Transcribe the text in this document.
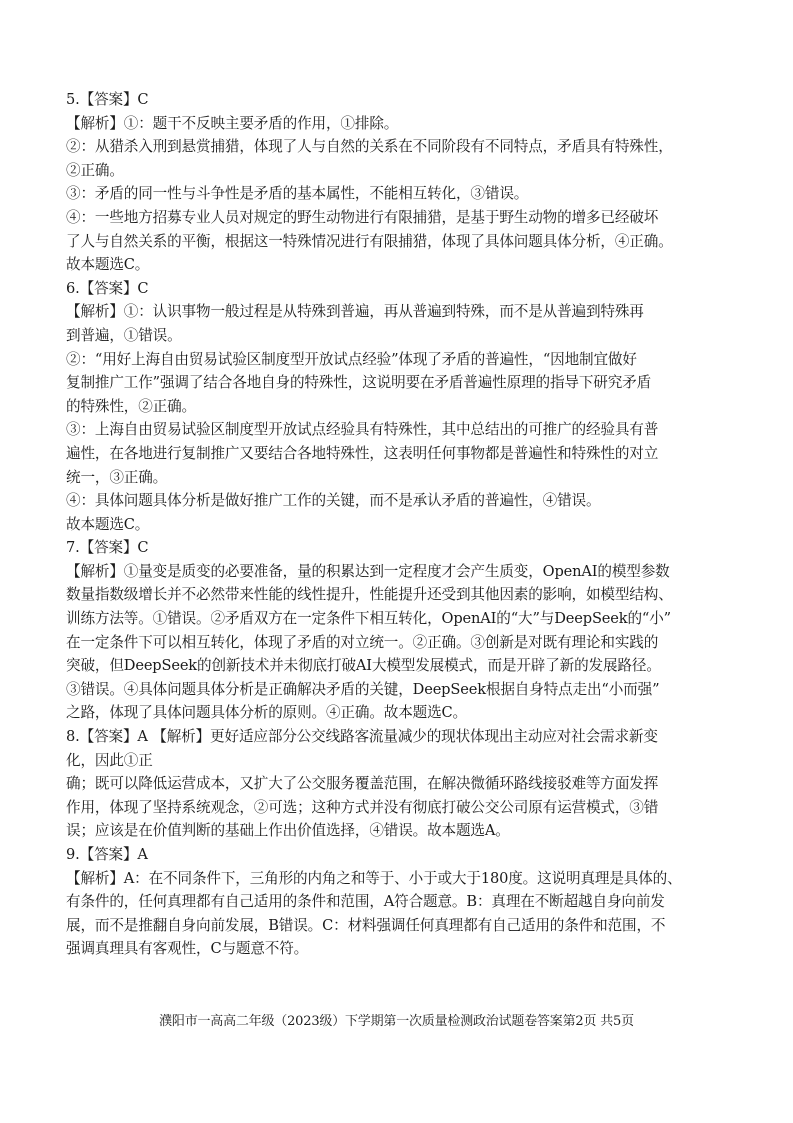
5.【答案】C
【解析】①：题干不反映主要矛盾的作用，①排除。
②：从猎杀入刑到悬赏捕猎，体现了人与自然的关系在不同阶段有不同特点，矛盾具有特殊性，
②正确。
③：矛盾的同一性与斗争性是矛盾的基本属性，不能相互转化，③错误。
④：一些地方招募专业人员对规定的野生动物进行有限捕猎，是基于野生动物的增多已经破坏
了人与自然关系的平衡，根据这一特殊情况进行有限捕猎，体现了具体问题具体分析，④正确。
故本题选C。
6.【答案】C
【解析】①：认识事物一般过程是从特殊到普遍，再从普遍到特殊，而不是从普遍到特殊再
到普遍，①错误。
②：“用好上海自由贸易试验区制度型开放试点经验”体现了矛盾的普遍性，“因地制宜做好
复制推广工作”强调了结合各地自身的特殊性，这说明要在矛盾普遍性原理的指导下研究矛盾
的特殊性，②正确。
③：上海自由贸易试验区制度型开放试点经验具有特殊性，其中总结出的可推广的经验具有普
遍性，在各地进行复制推广又要结合各地特殊性，这表明任何事物都是普遍性和特殊性的对立
统一，③正确。
④：具体问题具体分析是做好推广工作的关键，而不是承认矛盾的普遍性，④错误。
故本题选C。
7.【答案】C
【解析】①量变是质变的必要准备，量的积累达到一定程度才会产生质变，OpenAI的模型参数
数量指数级增长并不必然带来性能的线性提升，性能提升还受到其他因素的影响，如模型结构、
训练方法等。①错误。②矛盾双方在一定条件下相互转化，OpenAI的“大”与DeepSeek的“小”
在一定条件下可以相互转化，体现了矛盾的对立统一。②正确。③创新是对既有理论和实践的
突破，但DeepSeek的创新技术并未彻底打破AI大模型发展模式，而是开辟了新的发展路径。
③错误。④具体问题具体分析是正确解决矛盾的关键，DeepSeek根据自身特点走出“小而强”
之路，体现了具体问题具体分析的原则。④正确。故本题选C。
8.【答案】A 【解析】更好适应部分公交线路客流量减少的现状体现出主动应对社会需求新变
化，因此①正
确；既可以降低运营成本，又扩大了公交服务覆盖范围，在解决微循环路线接驳难等方面发挥
作用，体现了坚持系统观念，②可选；这种方式并没有彻底打破公交公司原有运营模式，③错
误；应该是在价值判断的基础上作出价值选择，④错误。故本题选A。
9.【答案】A
【解析】A：在不同条件下，三角形的内角之和等于、小于或大于180度。这说明真理是具体的、
有条件的，任何真理都有自己适用的条件和范围，A符合题意。B：真理在不断超越自身向前发
展，而不是推翻自身向前发展，B错误。C：材料强调任何真理都有自己适用的条件和范围，不
强调真理具有客观性，C与题意不符。
濮阳市一高高二年级（2023级）下学期第一次质量检测政治试题卷答案第2页 共5页
